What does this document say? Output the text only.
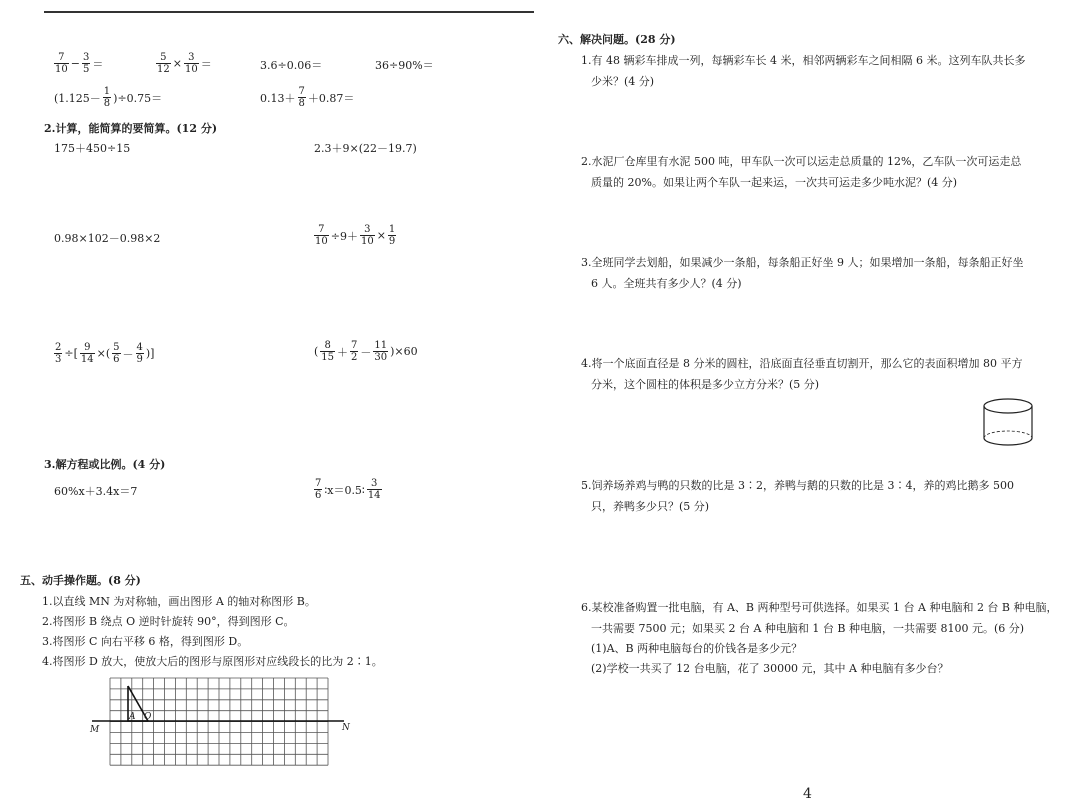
$\frac{7}{10} - \frac{3}{5}$ ＝	$\frac{5}{12} \times \frac{3}{10}$ ＝	3.6÷0.06＝	36÷90%＝
$(1.125- \frac{1}{8} )\div 0.75=$	$0.13+ \frac{7}{8} +0.87=$
2.计算，能简算的要简算。(12 分)
175＋450÷15	2.3＋9×(22－19.7)
0.98×102－0.98×2	$\frac{7}{10} \div 9+ \frac{3}{10} \times \frac{1}{9}$
$\frac{2}{3}$ ÷[ $\frac{9}{14}$ ×( $\frac{5}{6} - \frac{4}{9}$ )]	( $\frac{8}{15} + \frac{7}{2} - \frac{11}{30} )\times 60$
3.解方程或比例。(4 分)
60%x＋3.4x＝7	$\frac{7}{6}$ ∶x＝0.5∶ $\frac{3}{14}$
五、动手操作题。(8 分)
1.以直线 MN 为对称轴，画出图形 A 的轴对称图形 B。
2.将图形 B 绕点 O 逆时针旋转 90°，得到图形 C。
3.将图形 C 向右平移 6 格，得到图形 D。
4.将图形 D 放大，使放大后的图形与原图形对应线段长的比为 2∶1。
M	N
A O
六、解决问题。(28 分)
1.有 48 辆彩车排成一列，每辆彩车长 4 米，相邻两辆彩车之间相隔 6 米。这列车队共长多
少米？(4 分)
2.水泥厂仓库里有水泥 500 吨，甲车队一次可以运走总质量的 12%，乙车队一次可运走总
质量的 20%。如果让两个车队一起来运，一次共可运走多少吨水泥？(4 分)
3.全班同学去划船，如果减少一条船，每条船正好坐 9 人；如果增加一条船，每条船正好坐
6 人。全班共有多少人？(4 分)
4.将一个底面直径是 8 分米的圆柱，沿底面直径垂直切割开，那么它的表面积增加 80 平方
分米，这个圆柱的体积是多少立方分米？(5 分)
5.饲养场养鸡与鸭的只数的比是 3∶2，养鸭与鹅的只数的比是 3∶4，养的鸡比鹅多 500
只，养鸭多少只？(5 分)
6.某校准备购置一批电脑，有 A、B 两种型号可供选择。如果买 1 台 A 种电脑和 2 台 B 种电脑，
一共需要 7500 元；如果买 2 台 A 种电脑和 1 台 B 种电脑，一共需要 8100 元。(6 分)
(1)A、B 两种电脑每台的价钱各是多少元？
(2)学校一共买了 12 台电脑，花了 30000 元，其中 A 种电脑有多少台？
4
